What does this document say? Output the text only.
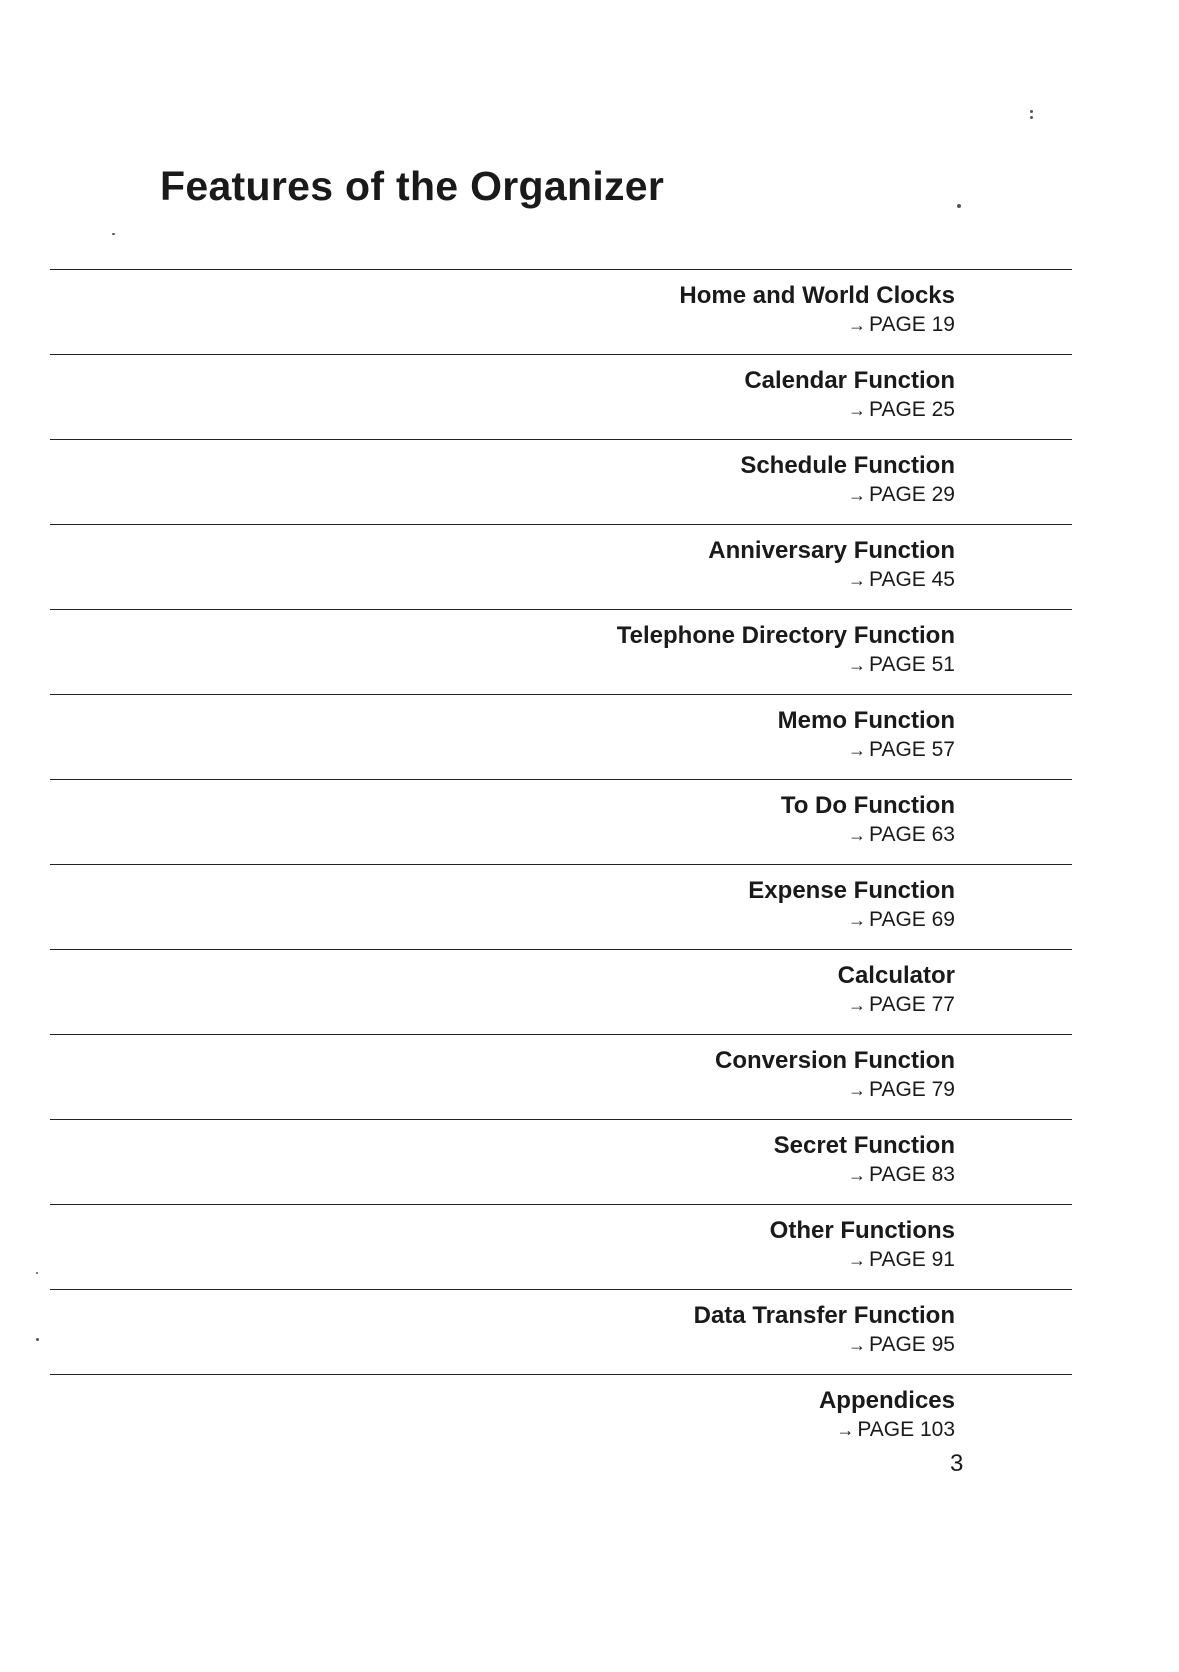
Features of the Organizer
Home and World Clocks
→ PAGE 19
Calendar Function
→ PAGE 25
Schedule Function
→ PAGE 29
Anniversary Function
→ PAGE 45
Telephone Directory Function
→ PAGE 51
Memo Function
→ PAGE 57
To Do Function
→ PAGE 63
Expense Function
→ PAGE 69
Calculator
→ PAGE 77
Conversion Function
→ PAGE 79
Secret Function
→ PAGE 83
Other Functions
→ PAGE 91
Data Transfer Function
→ PAGE 95
Appendices
→ PAGE 103
3
